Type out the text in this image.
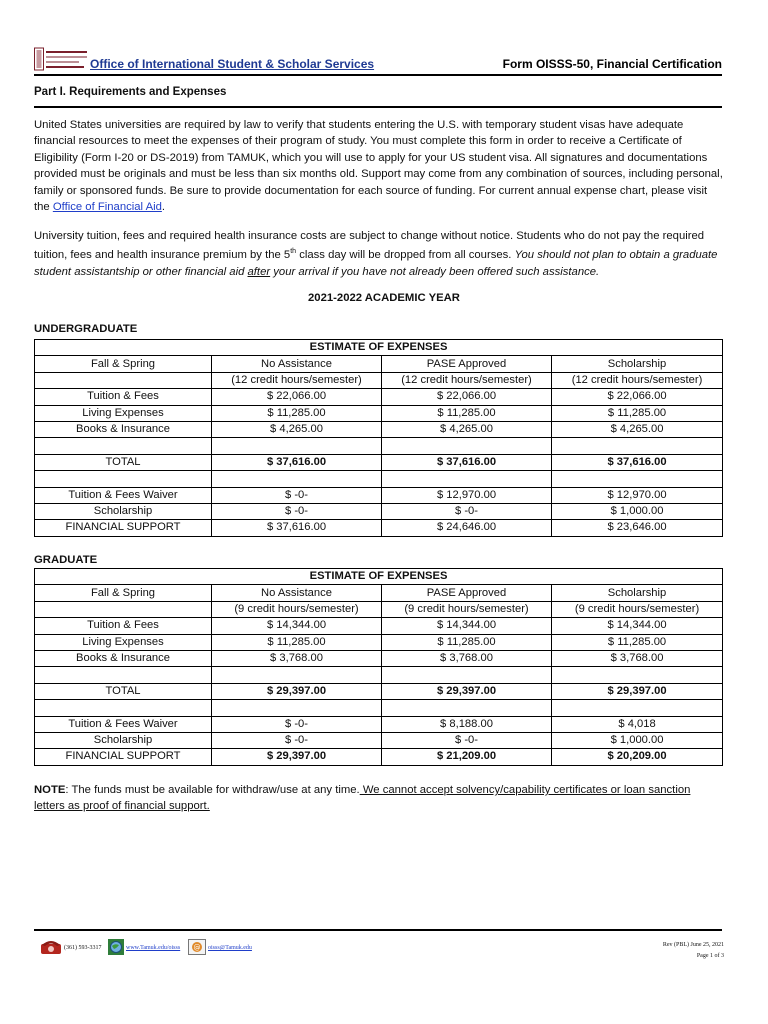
Office of International Student & Scholar Services	Form OISSS-50, Financial Certification
Part I. Requirements and Expenses

United States universities are required by law to verify that students entering the U.S. with temporary student visas have adequate financial resources to meet the expenses of their program of study. You must complete this form in order to receive a Certificate of Eligibility (Form I-20 or DS-2019) from TAMUK, which you will use to apply for your US student visa. All signatures and documentations provided must be originals and must be less than six months old. Support may come from any combination of sources, including personal, family or sponsored funds. Be sure to provide documentation for each source of funding. For current annual expense chart, please visit the Office of Financial Aid.

University tuition, fees and required health insurance costs are subject to change without notice. Students who do not pay the required tuition, fees and health insurance premium by the 5th class day will be dropped from all courses. You should not plan to obtain a graduate student assistantship or other financial aid after your arrival if you have not already been offered such assistance.

2021-2022 ACADEMIC YEAR
UNDERGRADUATE
ESTIMATE OF EXPENSES			
Fall & Spring	No Assistance	PASE Approved	Scholarship
	(12 credit hours/semester)	(12 credit hours/semester)	(12 credit hours/semester)
Tuition & Fees	$ 22,066.00	$ 22,066.00	$ 22,066.00
Living Expenses	$ 11,285.00	$ 11,285.00	$ 11,285.00
Books & Insurance	$ 4,265.00	$ 4,265.00	$ 4,265.00

TOTAL	$ 37,616.00	$ 37,616.00	$ 37,616.00

Tuition & Fees Waiver	$ -0-	$ 12,970.00	$ 12,970.00
Scholarship	$ -0-	$ -0-	$ 1,000.00
FINANCIAL SUPPORT	$ 37,616.00	$ 24,646.00	$ 23,646.00
GRADUATE
ESTIMATE OF EXPENSES			
Fall & Spring	No Assistance	PASE Approved	Scholarship
	(9 credit hours/semester)	(9 credit hours/semester)	(9 credit hours/semester)
Tuition & Fees	$ 14,344.00	$ 14,344.00	$ 14,344.00
Living Expenses	$ 11,285.00	$ 11,285.00	$ 11,285.00
Books & Insurance	$ 3,768.00	$ 3,768.00	$ 3,768.00

TOTAL	$ 29,397.00	$ 29,397.00	$ 29,397.00

Tuition & Fees Waiver	$ -0-	$ 8,188.00	$ 4,018
Scholarship	$ -0-	$ -0-	$ 1,000.00
FINANCIAL SUPPORT	$ 29,397.00	$ 21,209.00	$ 20,209.00

NOTE: The funds must be available for withdraw/use at any time. We cannot accept solvency/capability certificates or loan sanction letters as proof of financial support.

(361) 593-3317	www.Tamuk.edu/oisss @ oisss@Tamuk.edu	Rev (PBL) June 25, 2021
Page 1 of 3
